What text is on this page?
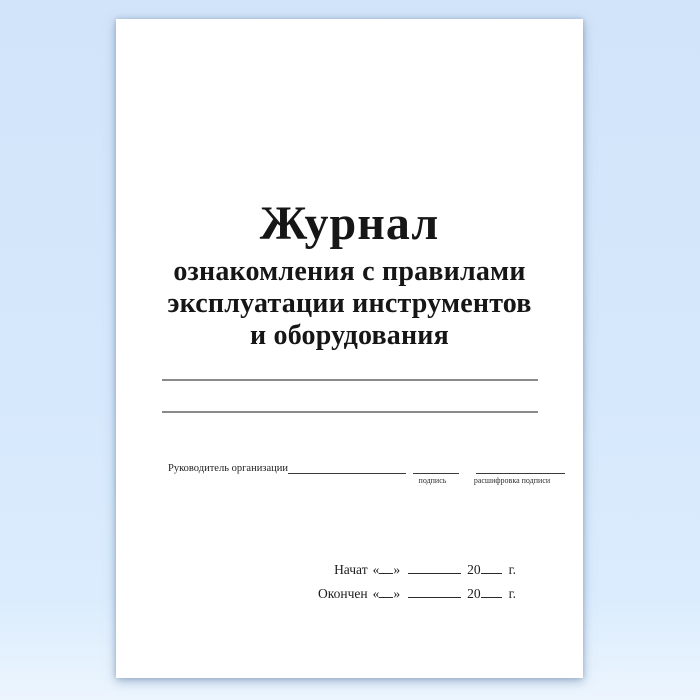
Журнал
ознакомления с правилами
эксплуатации инструментов
и оборудования
Руководитель организации
подпись	расшифровка подписи
Начат « »	20 г.
Окончен « »	20 г.
